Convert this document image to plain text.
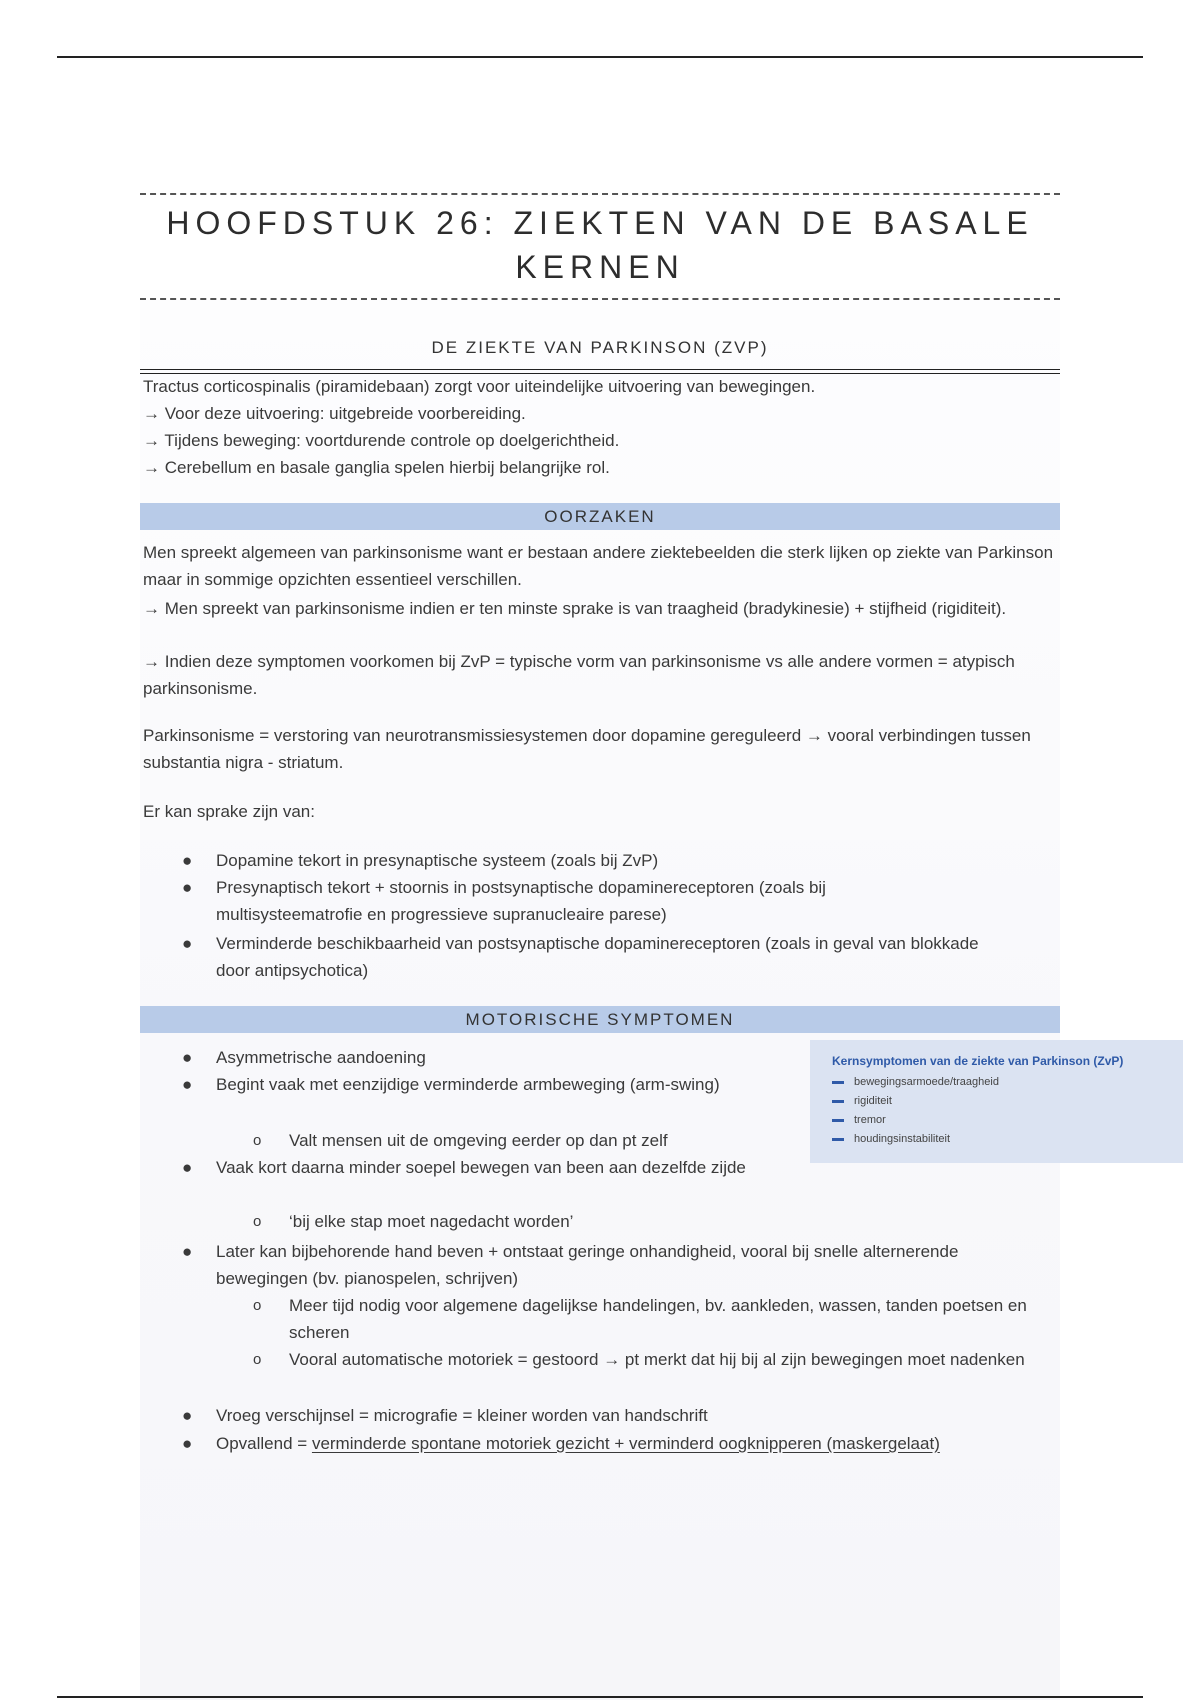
HOOFDSTUK 26: ZIEKTEN VAN DE BASALE KERNEN
DE ZIEKTE VAN PARKINSON (ZVP)
Tractus corticospinalis (piramidebaan) zorgt voor uiteindelijke uitvoering van bewegingen.
→ Voor deze uitvoering: uitgebreide voorbereiding.
→ Tijdens beweging: voortdurende controle op doelgerichtheid.
→ Cerebellum en basale ganglia spelen hierbij belangrijke rol.
OORZAKEN
Men spreekt algemeen van parkinsonisme want er bestaan andere ziektebeelden die sterk lijken op ziekte van Parkinson maar in sommige opzichten essentieel verschillen.
→ Men spreekt van parkinsonisme indien er ten minste sprake is van traagheid (bradykinesie) + stijfheid (rigiditeit).
→ Indien deze symptomen voorkomen bij ZvP = typische vorm van parkinsonisme vs alle andere vormen = atypisch parkinsonisme.
Parkinsonisme = verstoring van neurotransmissiesystemen door dopamine gereguleerd → vooral verbindingen tussen substantia nigra - striatum.
Er kan sprake zijn van:
● Dopamine tekort in presynaptische systeem (zoals bij ZvP)
● Presynaptisch tekort + stoornis in postsynaptische dopaminereceptoren (zoals bij multisysteematrofie en progressieve supranucleaire parese)
● Verminderde beschikbaarheid van postsynaptische dopaminereceptoren (zoals in geval van blokkade door antipsychotica)
MOTORISCHE SYMPTOMEN
● Asymmetrische aandoening
● Begint vaak met eenzijdige verminderde armbeweging (arm-swing)
o Valt mensen uit de omgeving eerder op dan pt zelf
● Vaak kort daarna minder soepel bewegen van been aan dezelfde zijde
o ‘bij elke stap moet nagedacht worden’
● Later kan bijbehorende hand beven + ontstaat geringe onhandigheid, vooral bij snelle alternerende bewegingen (bv. pianospelen, schrijven)
o Meer tijd nodig voor algemene dagelijkse handelingen, bv. aankleden, wassen, tanden poetsen en scheren
o Vooral automatische motoriek = gestoord → pt merkt dat hij bij al zijn bewegingen moet nadenken
● Vroeg verschijnsel = micrografie = kleiner worden van handschrift
● Opvallend = verminderde spontane motoriek gezicht + verminderd oogknipperen (maskergelaat)
Kernsymptomen van de ziekte van Parkinson (ZvP)
bewegingsarmoede/traagheid
rigiditeit
tremor
houdingsinstabiliteit
